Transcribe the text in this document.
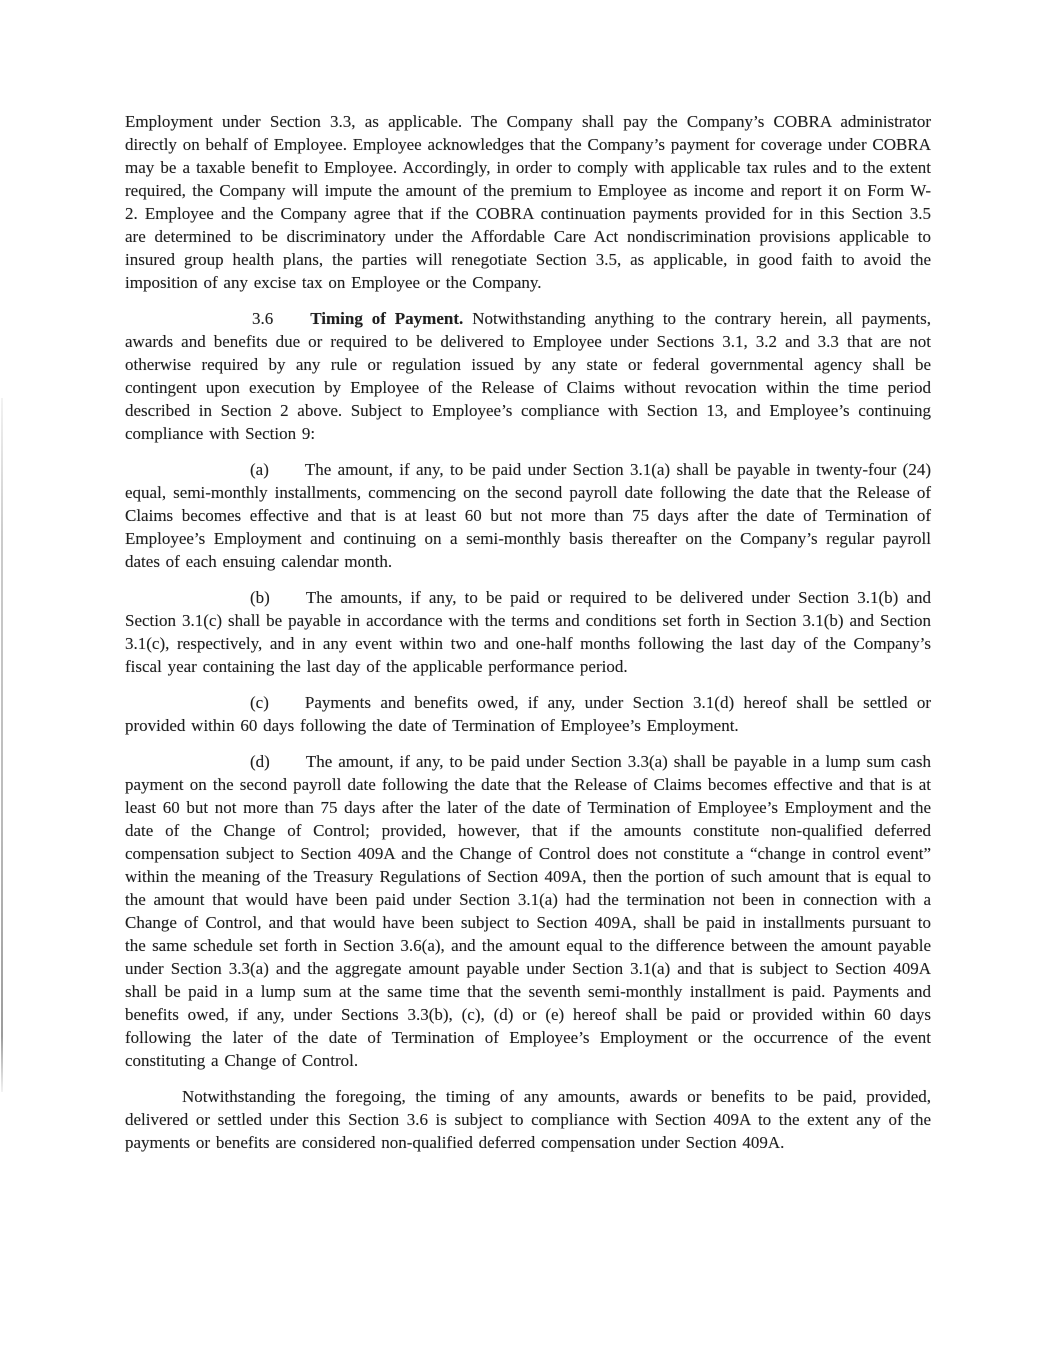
Employment under Section 3.3, as applicable. The Company shall pay the Company’s COBRA administrator directly on behalf of Employee. Employee acknowledges that the Company’s payment for coverage under COBRA may be a taxable benefit to Employee. Accordingly, in order to comply with applicable tax rules and to the extent required, the Company will impute the amount of the premium to Employee as income and report it on Form W-2. Employee and the Company agree that if the COBRA continuation payments provided for in this Section 3.5 are determined to be discriminatory under the Affordable Care Act nondiscrimination provisions applicable to insured group health plans, the parties will renegotiate Section 3.5, as applicable, in good faith to avoid the imposition of any excise tax on Employee or the Company.

3.6 Timing of Payment. Notwithstanding anything to the contrary herein, all payments, awards and benefits due or required to be delivered to Employee under Sections 3.1, 3.2 and 3.3 that are not otherwise required by any rule or regulation issued by any state or federal governmental agency shall be contingent upon execution by Employee of the Release of Claims without revocation within the time period described in Section 2 above. Subject to Employee’s compliance with Section 13, and Employee’s continuing compliance with Section 9:

(a) The amount, if any, to be paid under Section 3.1(a) shall be payable in twenty-four (24) equal, semi-monthly installments, commencing on the second payroll date following the date that the Release of Claims becomes effective and that is at least 60 but not more than 75 days after the date of Termination of Employee’s Employment and continuing on a semi-monthly basis thereafter on the Company’s regular payroll dates of each ensuing calendar month.

(b) The amounts, if any, to be paid or required to be delivered under Section 3.1(b) and Section 3.1(c) shall be payable in accordance with the terms and conditions set forth in Section 3.1(b) and Section 3.1(c), respectively, and in any event within two and one-half months following the last day of the Company’s fiscal year containing the last day of the applicable performance period.

(c) Payments and benefits owed, if any, under Section 3.1(d) hereof shall be settled or provided within 60 days following the date of Termination of Employee’s Employment.

(d) The amount, if any, to be paid under Section 3.3(a) shall be payable in a lump sum cash payment on the second payroll date following the date that the Release of Claims becomes effective and that is at least 60 but not more than 75 days after the later of the date of Termination of Employee’s Employment and the date of the Change of Control; provided, however, that if the amounts constitute non-qualified deferred compensation subject to Section 409A and the Change of Control does not constitute a “change in control event” within the meaning of the Treasury Regulations of Section 409A, then the portion of such amount that is equal to the amount that would have been paid under Section 3.1(a) had the termination not been in connection with a Change of Control, and that would have been subject to Section 409A, shall be paid in installments pursuant to the same schedule set forth in Section 3.6(a), and the amount equal to the difference between the amount payable under Section 3.3(a) and the aggregate amount payable under Section 3.1(a) and that is subject to Section 409A shall be paid in a lump sum at the same time that the seventh semi-monthly installment is paid. Payments and benefits owed, if any, under Sections 3.3(b), (c), (d) or (e) hereof shall be paid or provided within 60 days following the later of the date of Termination of Employee’s Employment or the occurrence of the event constituting a Change of Control.

Notwithstanding the foregoing, the timing of any amounts, awards or benefits to be paid, provided, delivered or settled under this Section 3.6 is subject to compliance with Section 409A to the extent any of the payments or benefits are considered non-qualified deferred compensation under Section 409A.
